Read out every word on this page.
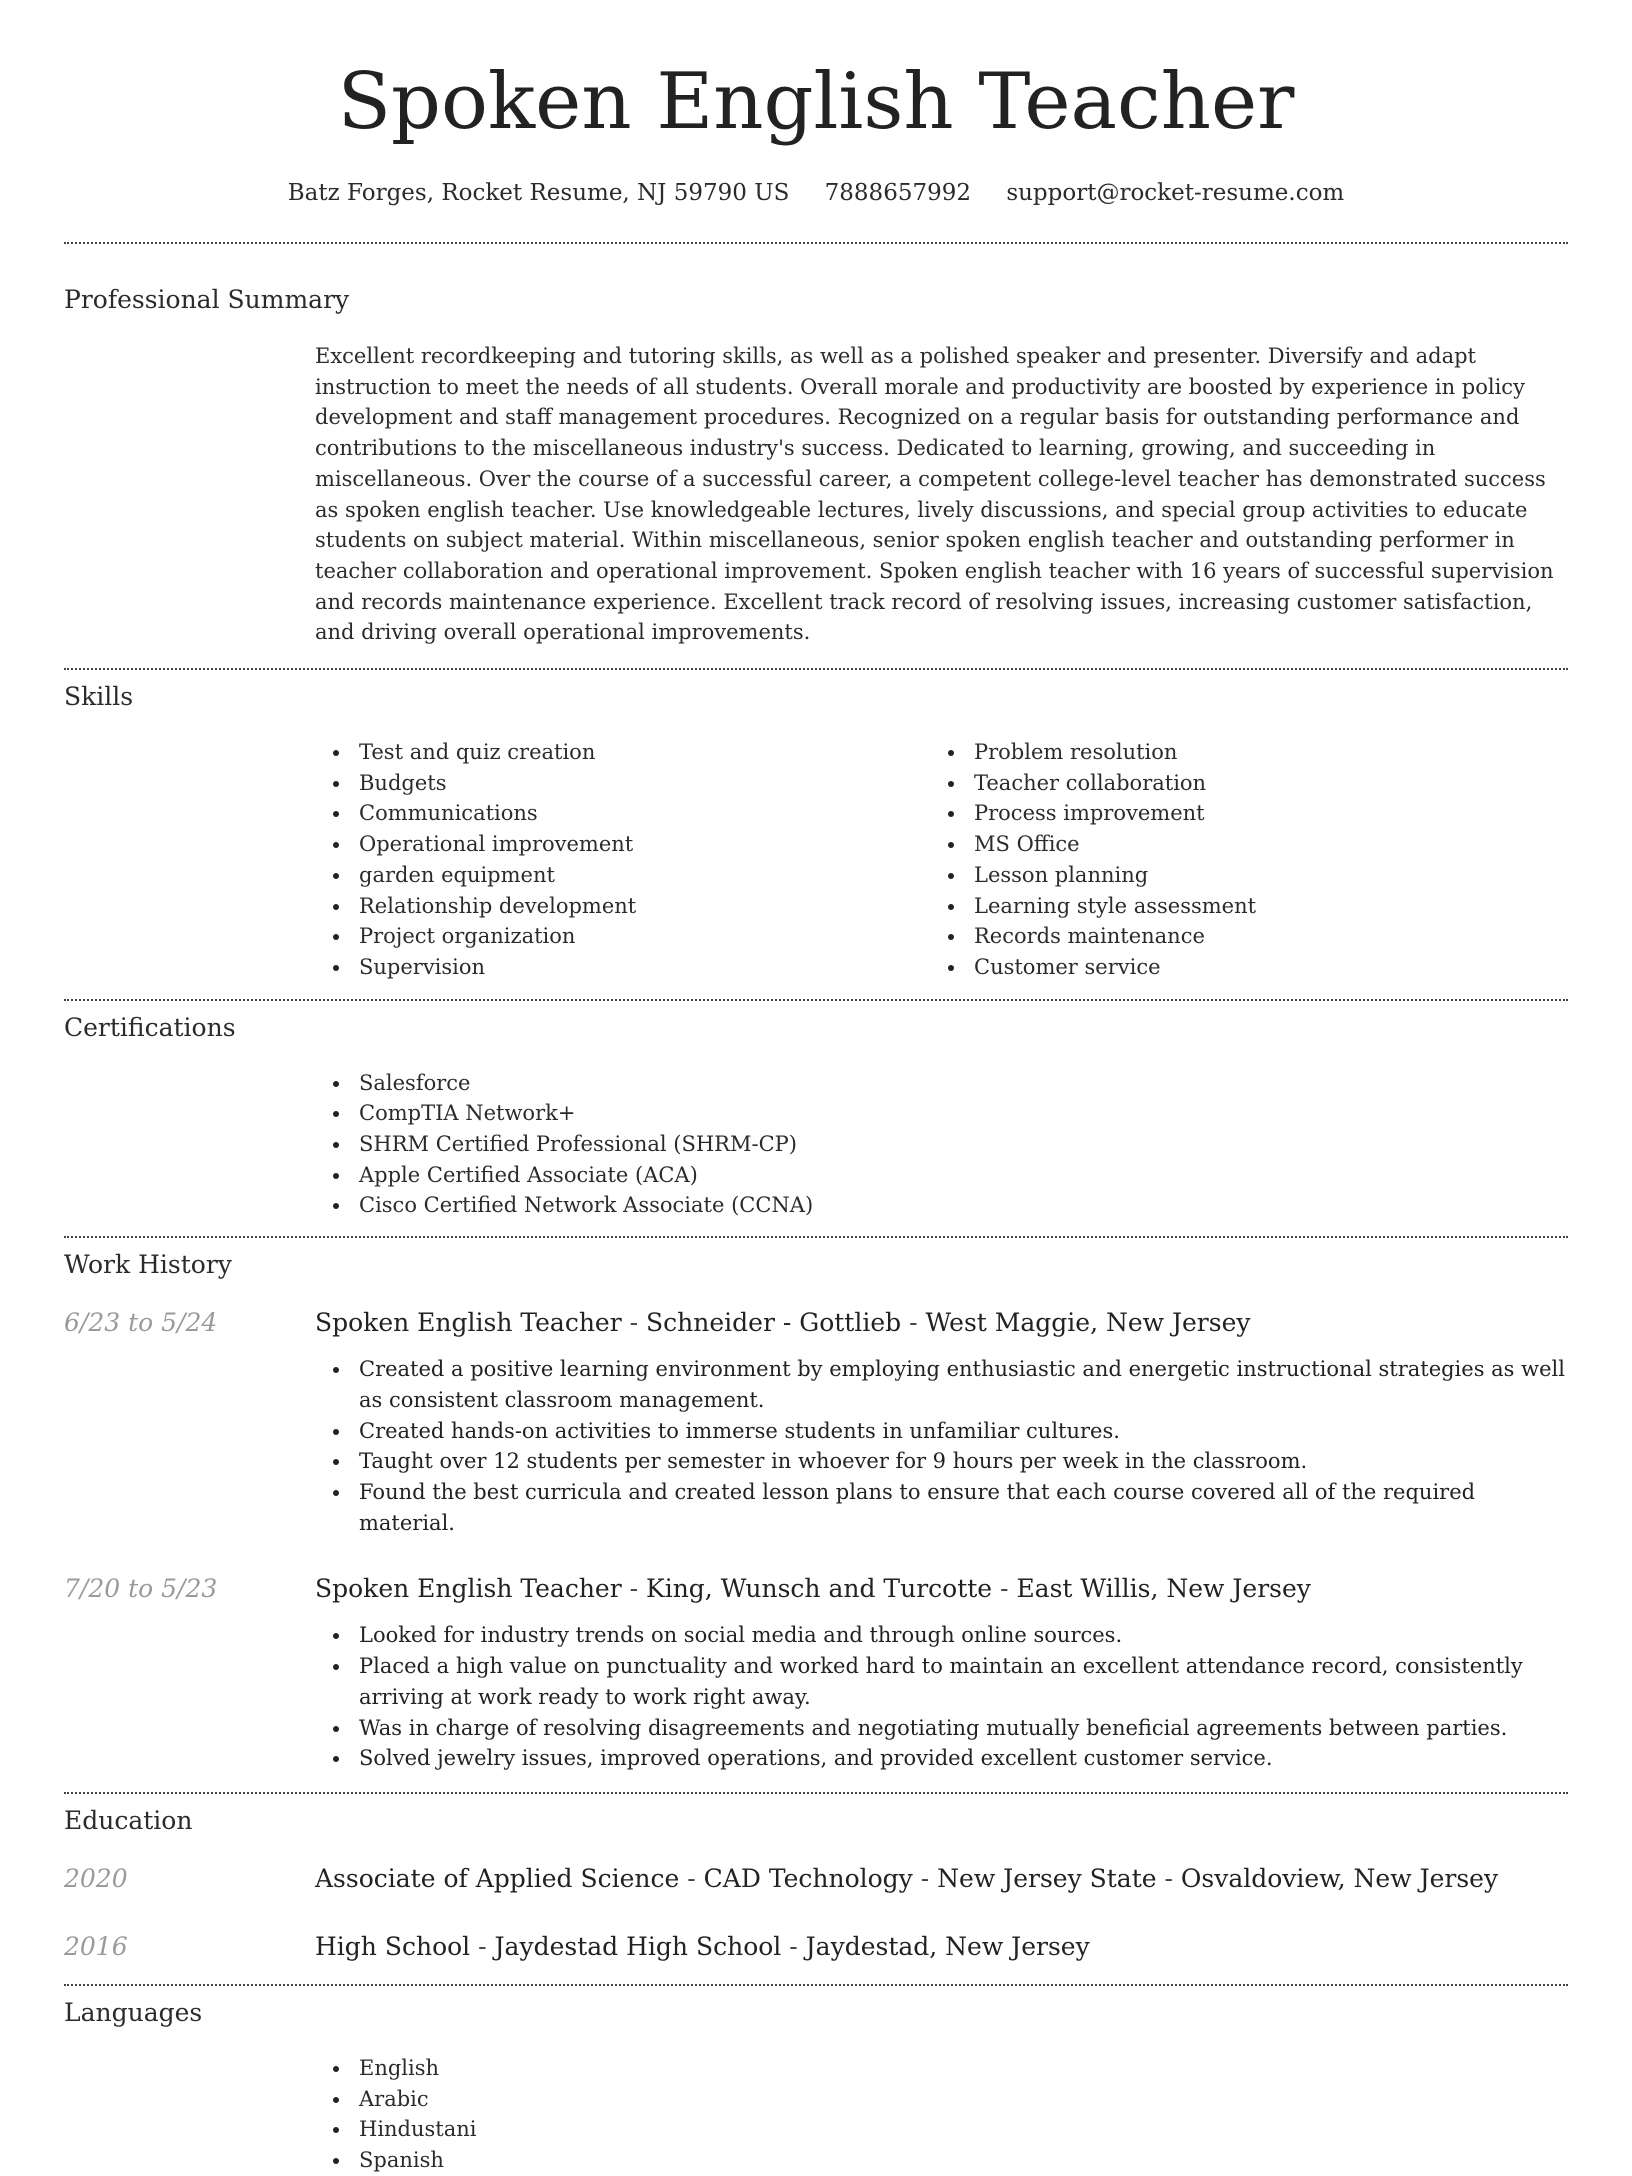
Spoken English Teacher
Batz Forges, Rocket Resume, NJ 59790 US 7888657992 support@rocket-resume.com
Professional Summary

Excellent recordkeeping and tutoring skills, as well as a polished speaker and presenter. Diversify and adapt instruction to meet the needs of all students. Overall morale and productivity are boosted by experience in policy development and staff management procedures. Recognized on a regular basis for outstanding performance and contributions to the miscellaneous industry's success. Dedicated to learning, growing, and succeeding in miscellaneous. Over the course of a successful career, a competent college-level teacher has demonstrated success as spoken english teacher. Use knowledgeable lectures, lively discussions, and special group activities to educate students on subject material. Within miscellaneous, senior spoken english teacher and outstanding performer in teacher collaboration and operational improvement. Spoken english teacher with 16 years of successful supervision and records maintenance experience. Excellent track record of resolving issues, increasing customer satisfaction, and driving overall operational improvements.

Skills
Test and quiz creation
Budgets
Communications
Operational improvement
garden equipment
Relationship development
Project organization
Supervision
Problem resolution
Teacher collaboration
Process improvement
MS Office
Lesson planning
Learning style assessment
Records maintenance
Customer service
Certifications
Salesforce
CompTIA Network+
SHRM Certified Professional (SHRM-CP)
Apple Certified Associate (ACA)
Cisco Certified Network Associate (CCNA)
Work History
6/23 to 5/24	Spoken English Teacher - Schneider - Gottlieb - West Maggie, New Jersey
Created a positive learning environment by employing enthusiastic and energetic instructional strategies as well as consistent classroom management.
Created hands-on activities to immerse students in unfamiliar cultures.
Taught over 12 students per semester in whoever for 9 hours per week in the classroom.
Found the best curricula and created lesson plans to ensure that each course covered all of the required material.
7/20 to 5/23	Spoken English Teacher - King, Wunsch and Turcotte - East Willis, New Jersey
Looked for industry trends on social media and through online sources.
Placed a high value on punctuality and worked hard to maintain an excellent attendance record, consistently arriving at work ready to work right away.
Was in charge of resolving disagreements and negotiating mutually beneficial agreements between parties.
Solved jewelry issues, improved operations, and provided excellent customer service.
Education
2020	Associate of Applied Science - CAD Technology - New Jersey State - Osvaldoview, New Jersey
2016	High School - Jaydestad High School - Jaydestad, New Jersey
Languages
English
Arabic
Hindustani
Spanish
